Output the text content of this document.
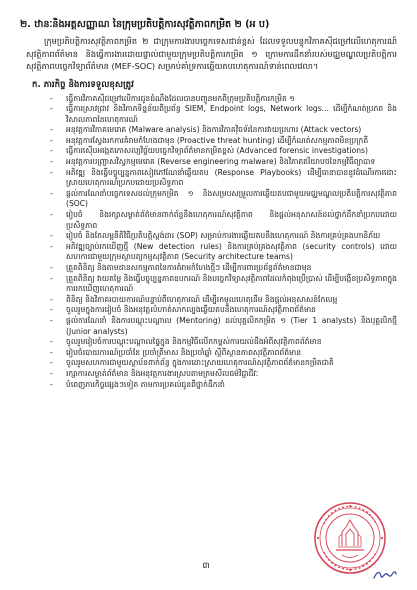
២. ឋានៈនិងអត្តសញ្ញាណ នៃក្រុមប្រតិបត្តិការសុវត្ថិភាពកម្រិត ២ (អ ប)

ក្រុមប្រតិបត្តិការសុវត្ថិភាពកម្រិត ២ ជាក្រុមការងារបច្ចេកទេសជាន់ខ្ពស់ ដែលទទួលបន្ទុកវិភាគស៊ីជម្រៅលើហេតុការណ៍សុវត្ថិភាពព័ត៌មាន និងធ្វើការងារដោយផ្ទាល់ជាមួយក្រុមប្រតិបត្តិការកម្រិត ១ ក្រោមការដឹកនាំរបស់មជ្ឈមណ្ឌលប្រតិបត្តិការសុវត្ថិភាពបច្ចេកវិទ្យាព័ត៌មាន (MEF-SOC) សម្រាប់គាំទ្រការឆ្លើយតបហេតុការណ៍ទាន់ពេលវេលា។

ក. ភារកិច្ច និងការទទួលខុសត្រូវ
-	ធ្វើការវិភាគស៊ីជម្រៅលើការជូនដំណឹងដែលបានបញ្ជូនមកពីក្រុមប្រតិបត្តិការកម្រិត ១
-	ធ្វើការស្រាវជ្រាវ និងវិភាគទិន្នន័យពីប្រព័ន្ធ SIEM, Endpoint logs, Network logs... ដើម្បីកំណត់ប្រភព និងវិសាលភាពនៃហេតុការណ៍
-	អនុវត្តការវិភាគមេរោគ (Malware analysis) និងការវិភាគវ៉ិចទ័រនៃការវាយប្រហារ (Attack vectors)
-	អនុវត្តការស្វែងរកការគំរាមកំហែងជាមុន (Proactive threat hunting) ដើម្បីកំណត់សកម្មភាពមិនប្រក្រតី
-	ធ្វើការស៊ើបអង្កេតកោសល្យវិច្ច័យបច្ចេកវិទ្យាព័ត៌មានកម្រិតខ្ពស់ (Advanced forensic investigations)
-	អនុវត្តការបញ្ច្រាសវិស្វកម្មមេរោគ (Reverse engineering malware) និងវិភាគឥរិយាបថនៃកម្មវិធីព្យាបាទ
-	អភិវឌ្ឍ និងធ្វើបច្ចុប្បន្នភាពសៀវភៅណែនាំឆ្លើយតប (Response Playbooks) ដើម្បីធានាបាននូវដំណើរការដោះស្រាយហេតុការណ៍ប្រកបដោយប្រសិទ្ធភាព
-	ផ្តល់ការណែនាំបច្ចេកទេសដល់ក្រុមកម្រិត ១ និងសម្របសម្រួលការឆ្លើយតបជាមួយមជ្ឈមណ្ឌលប្រតិបត្តិការសុវត្ថិភាព (SOC)
-	រៀបចំ និងរក្សាសម្ងាត់ព័ត៌មានពាក់ព័ន្ធនឹងហេតុការណ៍សុវត្ថិភាព និងផ្តល់អនុសាសន៍ដល់ថ្នាក់ដឹកនាំប្រកបដោយប្រសិទ្ធភាព
-	រៀបចំ និងកែលម្អនីតិវិធីប្រតិបត្តិស្តង់ដារ (SOP) សម្រាប់ការងារឆ្លើយតបនឹងហេតុការណ៍ និងការគ្រប់គ្រងហានិភ័យ
-	អភិវឌ្ឍច្បាប់រកឃើញថ្មី (New detection rules) និងការគ្រប់គ្រងសុវត្ថិភាព (security controls) ដោយសហការជាមួយក្រុមស្ថាបត្យកម្មសុវត្ថិភាព (Security architecture teams)
-	ត្រួតពិនិត្យ និងតាមដានសកម្មភាពនៃការគំរាមកំហែងថ្មីៗ ដើម្បីការពារប្រព័ន្ធព័ត៌មានជាមុន
-	ត្រួតពិនិត្យ វាយតម្លៃ និងធ្វើបច្ចុប្បន្នភាពឧបករណ៍ និងបច្ចេកវិទ្យាសុវត្ថិភាពដែលកំពុងប្រើប្រាស់ ដើម្បីបង្កើនប្រសិទ្ធភាពក្នុងការរកឃើញហេតុការណ៍
-	ពិនិត្យ និងវិភាគរបាយការណ៍បន្ទាប់ពីហេតុការណ៍ ដើម្បីរកមូលហេតុដើម និងផ្តល់អនុសាសន៍កែលម្អ
-	ចូលរួមក្នុងការរៀបចំ និងអនុវត្តលំហាត់សាកល្បងឆ្លើយតបនឹងហេតុការណ៍សុវត្ថិភាពព័ត៌មាន
-	ផ្តល់ការណែនាំ និងការបណ្តុះបណ្តាល (Mentoring) ដល់បុគ្គលិកកម្រិត ១ (Tier 1 analysts) និងបុគ្គលិកថ្មី (Junior analysts)
-	ចូលរួមរៀបចំការបណ្តុះបណ្តាលផ្ទៃក្នុង និងកម្មវិធីលើកកម្ពស់ការយល់ដឹងអំពីសុវត្ថិភាពព័ត៌មាន
-	រៀបចំរបាយការណ៍ប្រចាំខែ ប្រចាំត្រីមាស និងប្រចាំឆ្នាំ ស្តីពីស្ថានភាពសុវត្ថិភាពព័ត៌មាន
-	ចូលរួមសហការជាមួយស្ថាប័នពាក់ព័ន្ធ ក្នុងការដោះស្រាយហេតុការណ៍សុវត្ថិភាពព័ត៌មានកម្រិតជាតិ
-	រក្សាការសម្ងាត់ព័ត៌មាន និងអនុវត្តការងារស្របតាមក្រមសីលធម៌វិជ្ជាជីវៈ
-	បំពេញភារកិច្ចផ្សេងៗទៀត តាមការប្រគល់ជូនពីថ្នាក់ដឹកនាំ
៣
